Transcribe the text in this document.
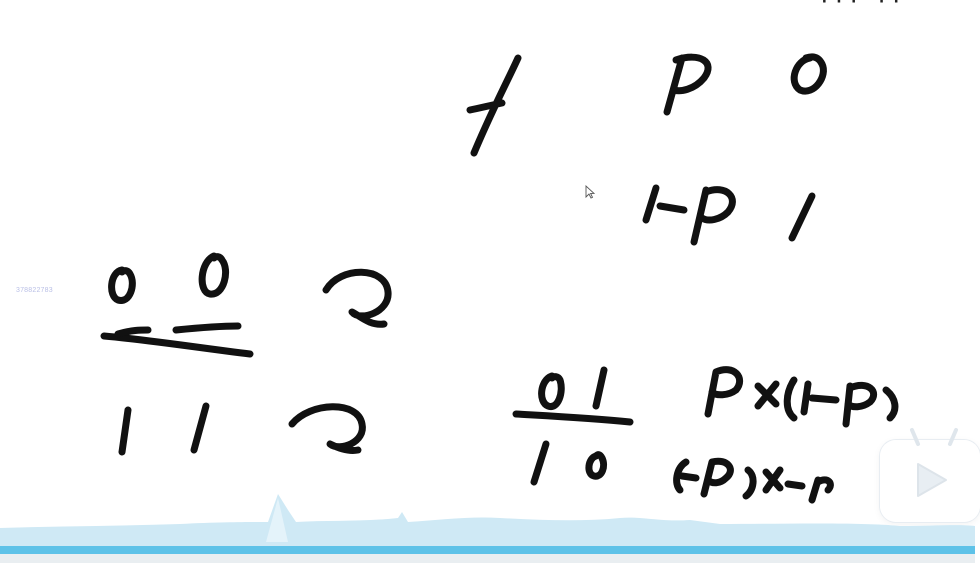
378822783
